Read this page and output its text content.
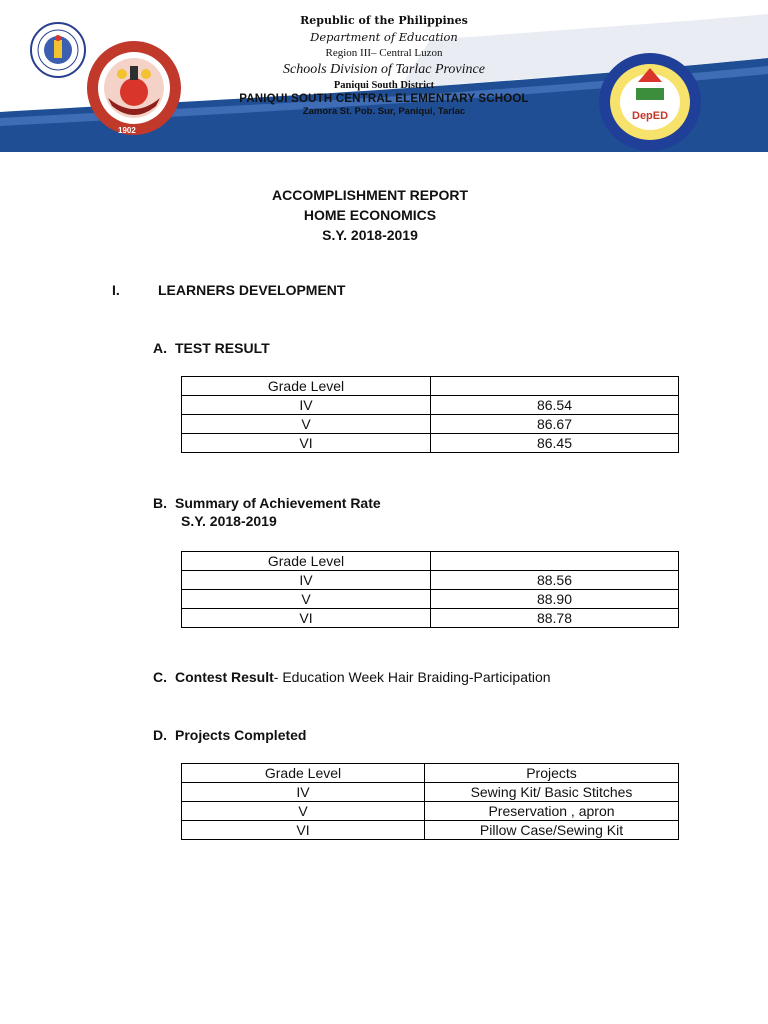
1902
DepED
Republic of the Philippines
Department of Education
Region III– Central Luzon
Schools Division of Tarlac Province
Paniqui South District
PANIQUI SOUTH CENTRAL ELEMENTARY SCHOOL
Zamora St. Pob. Sur, Paniqui, Tarlac
ACCOMPLISHMENT REPORT
HOME ECONOMICS
S.Y. 2018-2019
I.	LEARNERS DEVELOPMENT
A. TEST RESULT
Grade Level	
IV	86.54
V	86.67
VI	86.45
B. Summary of Achievement Rate
S.Y. 2018-2019
Grade Level	
IV	88.56
V	88.90
VI	88.78
C. Contest Result- Education Week Hair Braiding-Participation
D. Projects Completed
Grade Level	Projects
IV	Sewing Kit/ Basic Stitches
V	Preservation , apron
VI	Pillow Case/Sewing Kit
